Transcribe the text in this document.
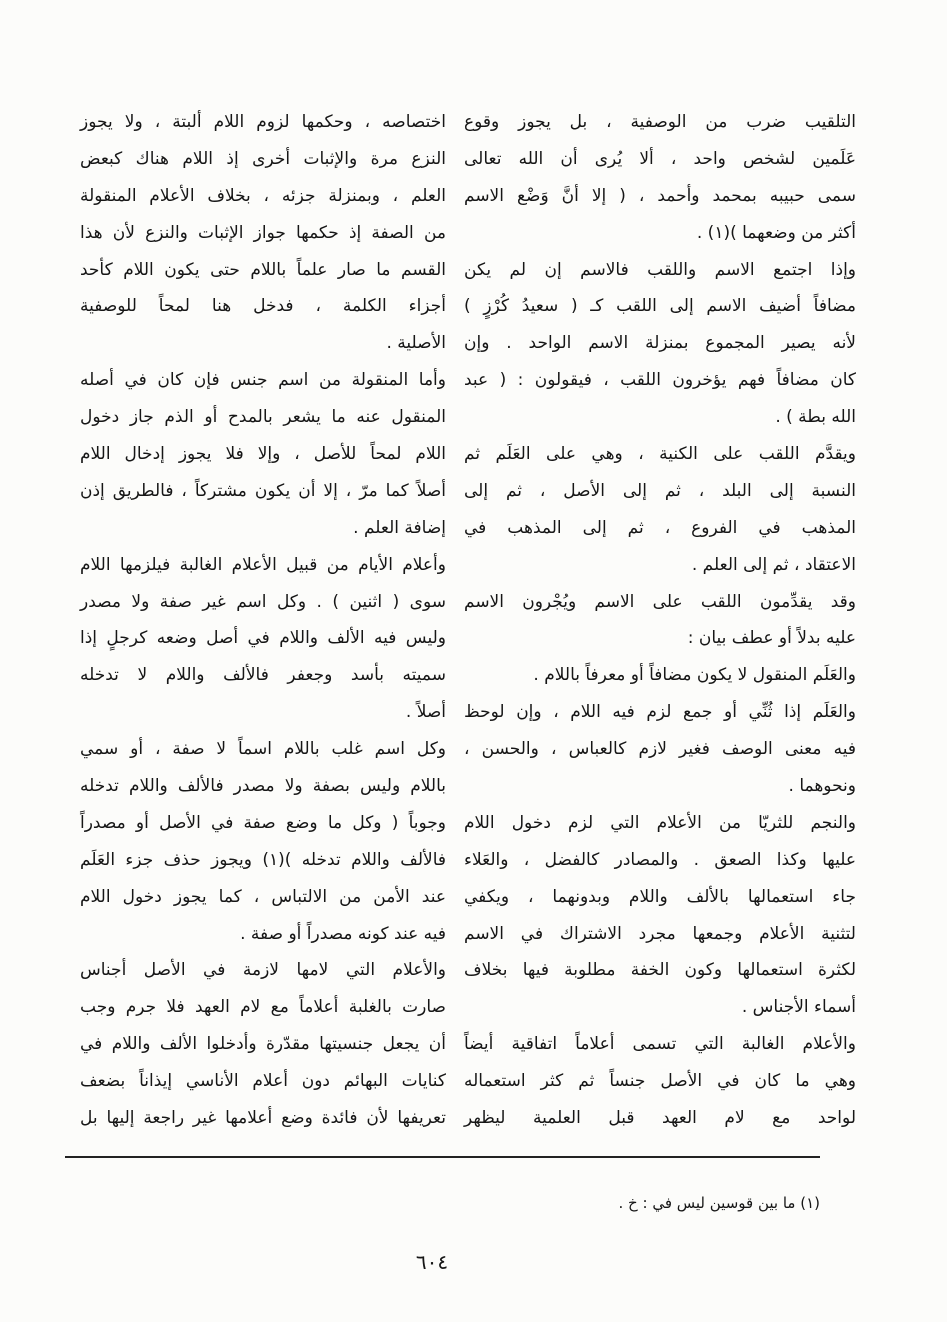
التلقيب ضرب من الوصفية ، بل يجوز وقوع
عَلَمين لشخص واحد ، ألا يُرى أن الله تعالى
سمى حبيبه بمحمد وأحمد ، ( إلا أنَّ وَضْع الاسم
أكثر من وضعهما )(١) .
وإذا اجتمع الاسم واللقب فالاسم إن لم يكن
مضافاً أضيف الاسم إلى اللقب كـ ( سعيدُ كُرْزٍ )
لأنه يصير المجموع بمنزلة الاسم الواحد . وإن
كان مضافاً فهم يؤخرون اللقب ، فيقولون : ( عبد
الله بطة ) .
ويقدَّم اللقب على الكنية ، وهي على العَلَم ثم
النسبة إلى البلد ، ثم إلى الأصل ، ثم إلى
المذهب في الفروع ، ثم إلى المذهب في
الاعتقاد ، ثم إلى العلم .
وقد يقدِّمون اللقب على الاسم ويُجْرون الاسم
عليه بدلاً أو عطف بيان :
والعَلَم المنقول لا يكون مضافاً أو معرفاً باللام .
والعَلَم إذا ثُنِّي أو جمع لزم فيه اللام ، وإن لوحظ
فيه معنى الوصف فغير لازم كالعباس ، والحسن ،
ونحوهما .
والنجم للثريّا من الأعلام التي لزم دخول اللام
عليها وكذا الصعق . والمصادر كالفضل ، والعَلاء
جاء استعمالها بالألف واللام وبدونهما ، ويكفي
لتثنية الأعلام وجمعها مجرد الاشتراك في الاسم
لكثرة استعمالها وكون الخفة مطلوبة فيها بخلاف
أسماء الأجناس .
والأعلام الغالبة التي تسمى أعلاماً اتفاقية أيضاً
وهي ما كان في الأصل جنساً ثم كثر استعماله
لواحد مع لام العهد قبل العلمية ليظهر
اختصاصه ، وحكمها لزوم اللام ألبتة ، ولا يجوز
النزع مرة والإثبات أخرى إذ اللام هناك كبعض
العلم ، وبمنزلة جزئه ، بخلاف الأعلام المنقولة
من الصفة إذ حكمها جواز الإثبات والنزع لأن هذا
القسم ما صار علماً باللام حتى يكون اللام كأحد
أجزاء الكلمة ، فدخل هنا لمحاً للوصفية
الأصلية .
وأما المنقولة من اسم جنس فإن كان في أصله
المنقول عنه ما يشعر بالمدح أو الذم جاز دخول
اللام لمحاً للأصل ، وإلا فلا يجوز إدخال اللام
أصلاً كما مرّ ، إلا أن يكون مشتركاً ، فالطريق إذن
إضافة العلم .
وأعلام الأيام من قبيل الأعلام الغالبة فيلزمها اللام
سوى ( اثنين ) . وكل اسم غير صفة ولا مصدر
وليس فيه الألف واللام في أصل وضعه كرجلٍ إذا
سميته بأسد وجعفر فالألف واللام لا تدخله
أصلاً .
وكل اسم غلب باللام اسماً لا صفة ، أو سمي
باللام وليس بصفة ولا مصدر فالألف واللام تدخله
وجوباً ( وكل ما وضع صفة في الأصل أو مصدراً
فالألف واللام تدخله )(١) ويجوز حذف جزء العَلَم
عند الأمن من الالتباس ، كما يجوز دخول اللام
فيه عند كونه مصدراً أو صفة .
والأعلام التي لامها لازمة في الأصل أجناس
صارت بالغلبة أعلاماً مع لام العهد فلا جرم وجب
أن يجعل جنسيتها مقدّرة وأدخلوا الألف واللام في
كنايات البهائم دون أعلام الأناسي إيذاناً بضعف
تعريفها لأن فائدة وضع أعلامها غير راجعة إليها بل
(١) ما بين قوسين ليس في : خ .
٦٠٤
